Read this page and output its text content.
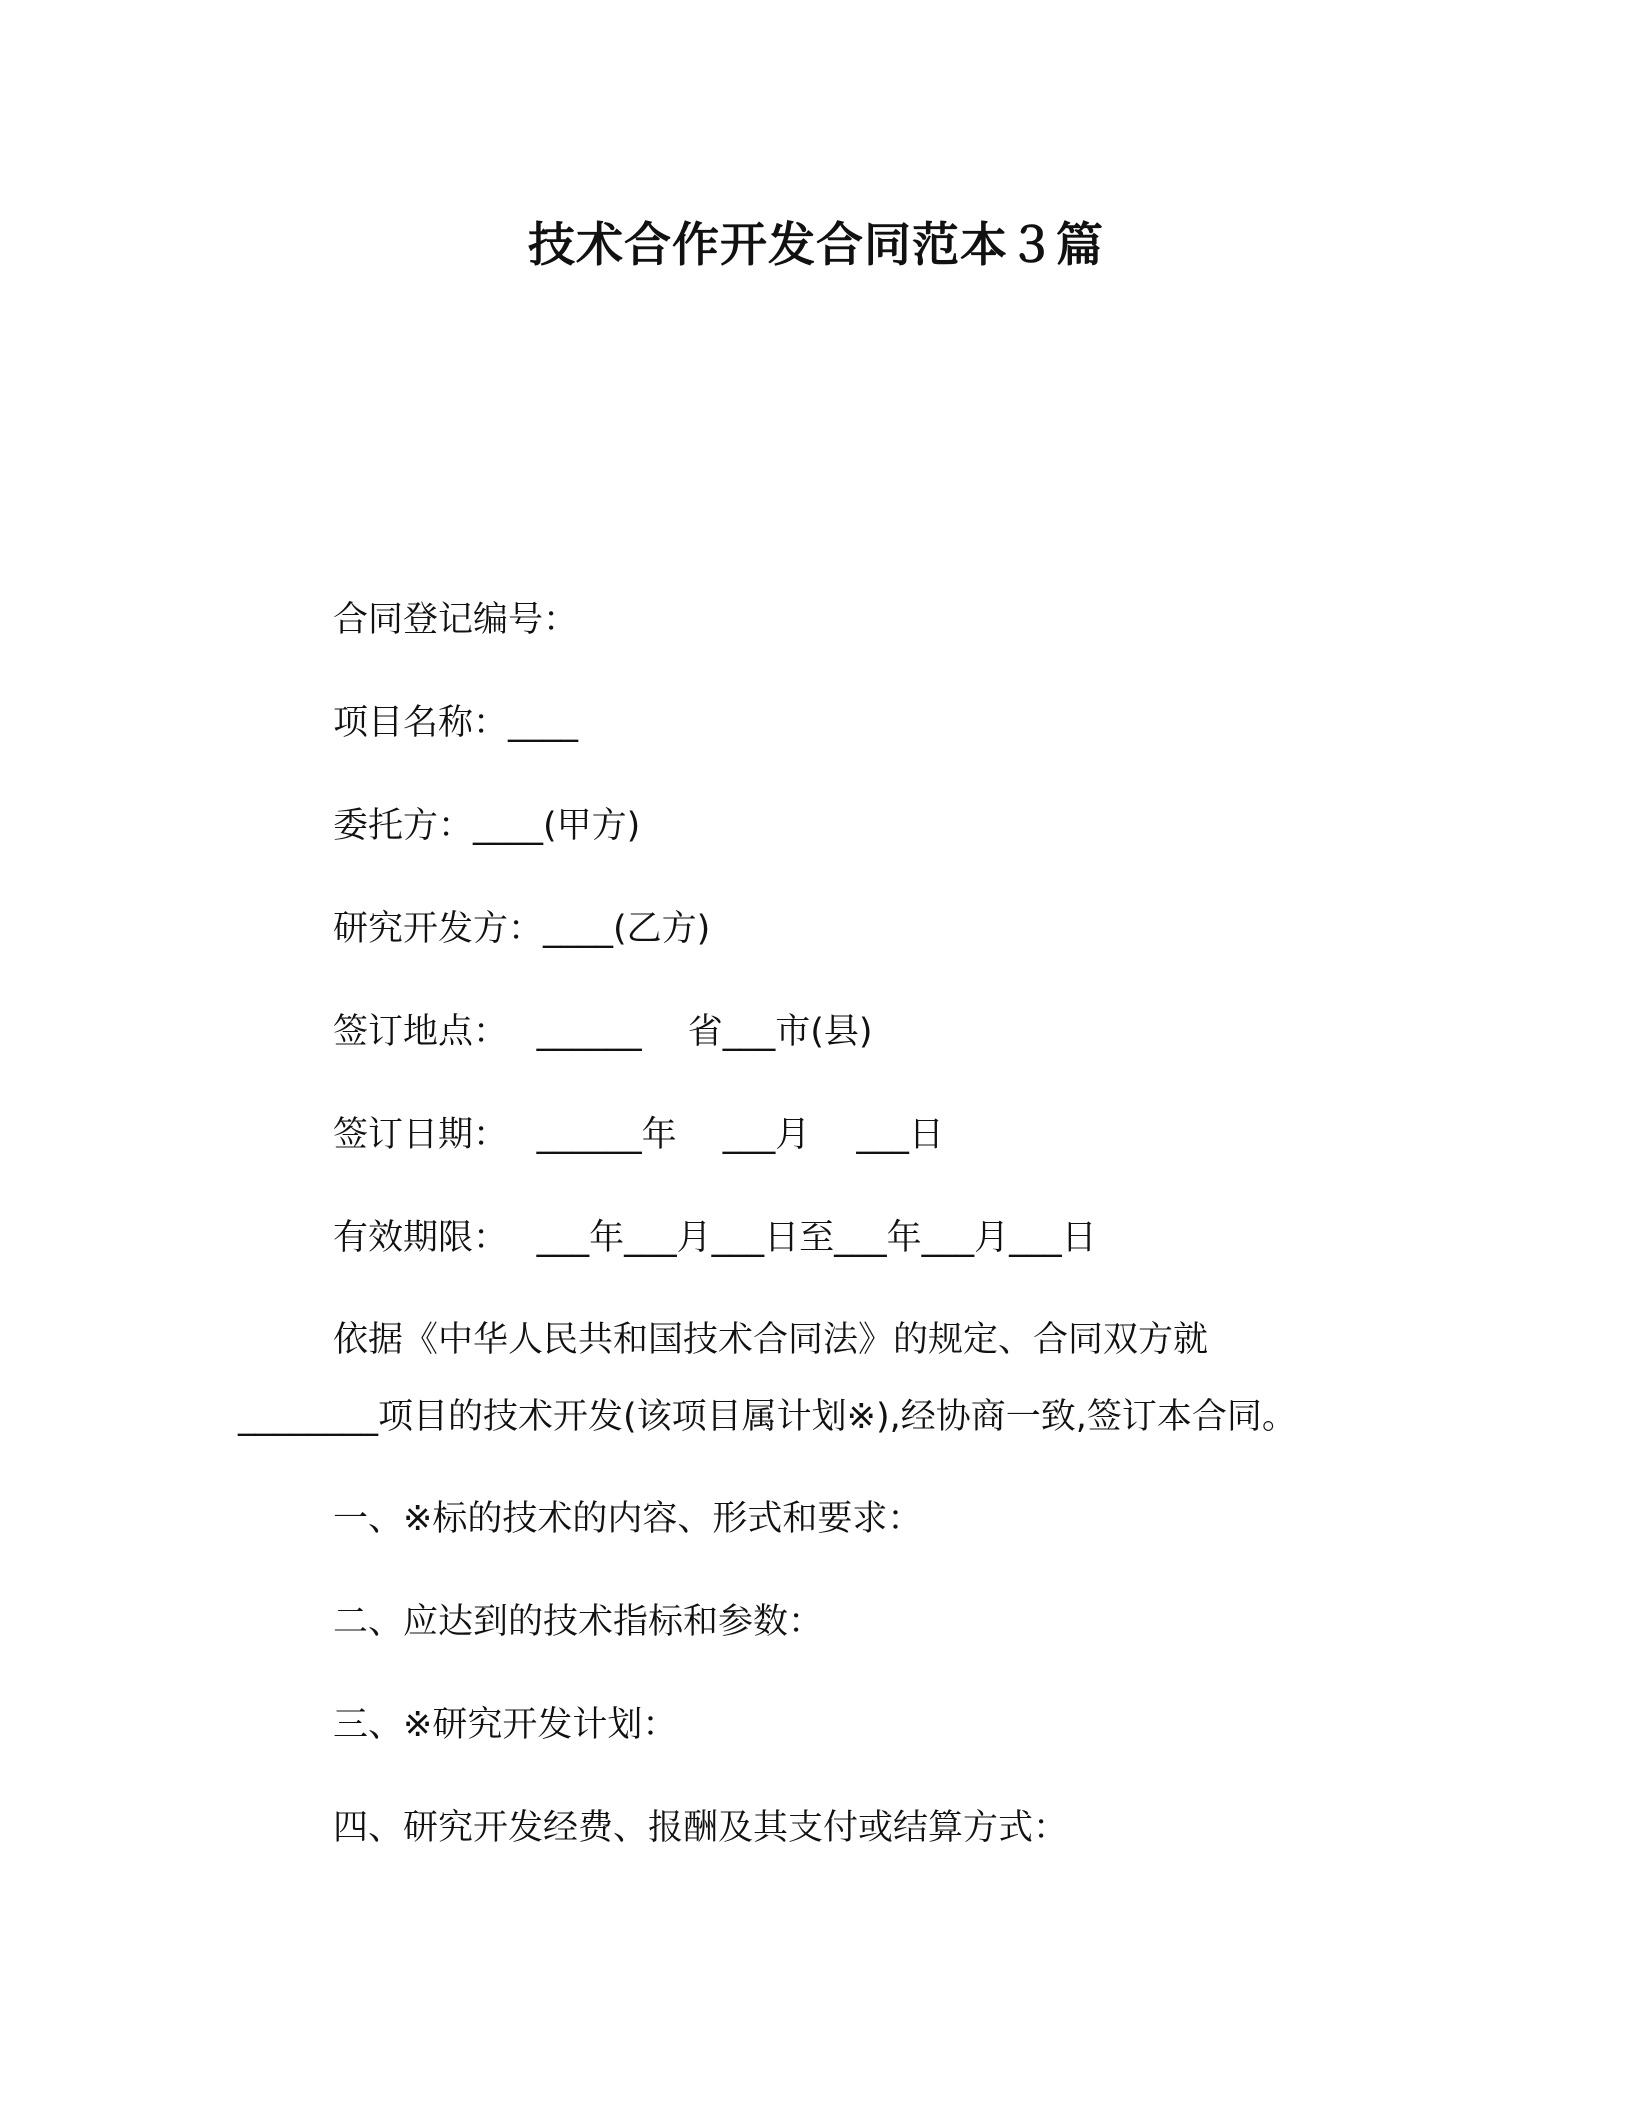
技术合作开发合同范本３篇
合同登记编号：
项目名称：____
委托方：____(甲方)
研究开发方：____(乙方)
签订地点：　 ______　 省___市(县)
签订日期：　 ______年　 ___月　 ___日
有效期限：　 ___年___月___日至___年___月___日
依据《中华人民共和国技术合同法》的规定、合同双方就
________项目的技术开发(该项目属计划※),经协商一致,签订本合同。
一、※标的技术的内容、形式和要求：
二、应达到的技术指标和参数：
三、※研究开发计划：
四、研究开发经费、报酬及其支付或结算方式：
